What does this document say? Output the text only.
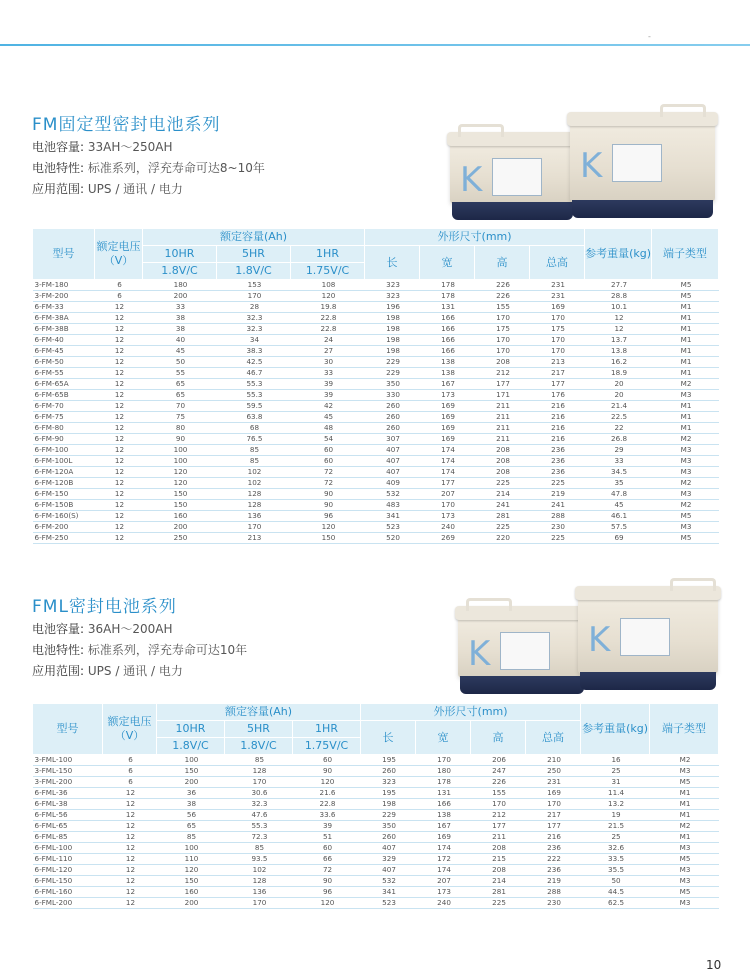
-
FM固定型密封电池系列
电池容量: 33AH～250AH
电池特性: 标准系列，浮充寿命可达8~10年
应用范围: UPS / 通讯 / 电力	K	K
型号	额定电压（V）	额定容量(Ah)			外形尺寸(mm)				参考重量(kg)	端子类型
		10HR	5HR	1HR	长	宽	高	总高		
		1.8V/C	1.8V/C	1.75V/C						
3-FM-180	6	180	153	108	323	178	226	231	27.7	M5
3-FM-200	6	200	170	120	323	178	226	231	28.8	M5
6-FM-33	12	33	28	19.8	196	131	155	169	10.1	M1
6-FM-38A	12	38	32.3	22.8	198	166	170	170	12	M1
6-FM-38B	12	38	32.3	22.8	198	166	175	175	12	M1
6-FM-40	12	40	34	24	198	166	170	170	13.7	M1
6-FM-45	12	45	38.3	27	198	166	170	170	13.8	M1
6-FM-50	12	50	42.5	30	229	138	208	213	16.2	M1
6-FM-55	12	55	46.7	33	229	138	212	217	18.9	M1
6-FM-65A	12	65	55.3	39	350	167	177	177	20	M2
6-FM-65B	12	65	55.3	39	330	173	171	176	20	M3
6-FM-70	12	70	59.5	42	260	169	211	216	21.4	M1
6-FM-75	12	75	63.8	45	260	169	211	216	22.5	M1
6-FM-80	12	80	68	48	260	169	211	216	22	M1
6-FM-90	12	90	76.5	54	307	169	211	216	26.8	M2
6-FM-100	12	100	85	60	407	174	208	236	29	M3
6-FM-100L	12	100	85	60	407	174	208	236	33	M3
6-FM-120A	12	120	102	72	407	174	208	236	34.5	M3
6-FM-120B	12	120	102	72	409	177	225	225	35	M2
6-FM-150	12	150	128	90	532	207	214	219	47.8	M3
6-FM-150B	12	150	128	90	483	170	241	241	45	M2
6-FM-160(S)	12	160	136	96	341	173	281	288	46.1	M5
6-FM-200	12	200	170	120	523	240	225	230	57.5	M3
6-FM-250	12	250	213	150	520	269	220	225	69	M5
FML密封电池系列
电池容量: 36AH～200AH
电池特性: 标准系列，浮充寿命可达10年
应用范围: UPS / 通讯 / 电力	K	K
型号	额定电压（V）	额定容量(Ah)			外形尺寸(mm)				参考重量(kg)	端子类型
		10HR	5HR	1HR	长	宽	高	总高		
		1.8V/C	1.8V/C	1.75V/C						
3-FML-100	6	100	85	60	195	170	206	210	16	M2
3-FML-150	6	150	128	90	260	180	247	250	25	M3
3-FML-200	6	200	170	120	323	178	226	231	31	M5
6-FML-36	12	36	30.6	21.6	195	131	155	169	11.4	M1
6-FML-38	12	38	32.3	22.8	198	166	170	170	13.2	M1
6-FML-56	12	56	47.6	33.6	229	138	212	217	19	M1
6-FML-65	12	65	55.3	39	350	167	177	177	21.5	M2
6-FML-85	12	85	72.3	51	260	169	211	216	25	M1
6-FML-100	12	100	85	60	407	174	208	236	32.6	M3
6-FML-110	12	110	93.5	66	329	172	215	222	33.5	M5
6-FML-120	12	120	102	72	407	174	208	236	35.5	M3
6-FML-150	12	150	128	90	532	207	214	219	50	M3
6-FML-160	12	160	136	96	341	173	281	288	44.5	M5
6-FML-200	12	200	170	120	523	240	225	230	62.5	M3
10
